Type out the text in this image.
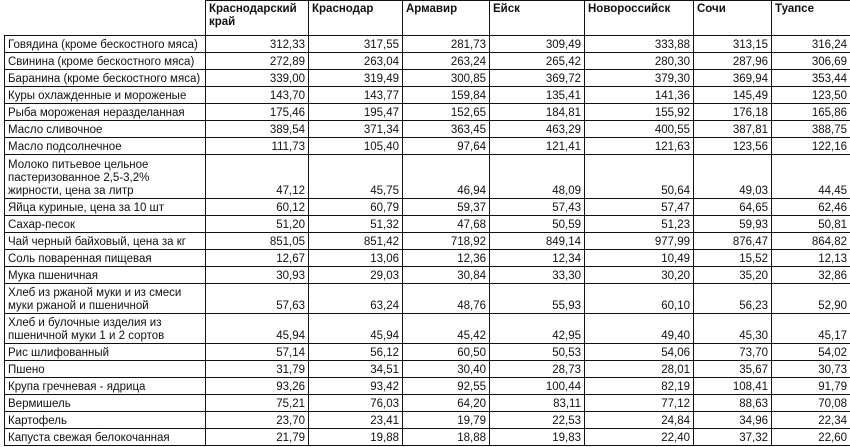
	Краснодарский край	Краснодар	Армавир	Ейск	Новороссийск	Сочи	Туапсе
Говядина (кроме бескостного мяса)	312,33	317,55	281,73	309,49	333,88	313,15	316,24
Свинина (кроме бескостного мяса)	272,89	263,04	263,24	265,42	280,30	287,96	306,69
Баранина (кроме бескостного мяса)	339,00	319,49	300,85	369,72	379,30	369,94	353,44
Куры охлажденные и мороженые	143,70	143,77	159,84	135,41	141,36	145,49	123,50
Рыба мороженая неразделанная	175,46	195,47	152,65	184,81	155,92	176,18	165,86
Масло сливочное	389,54	371,34	363,45	463,29	400,55	387,81	388,75
Масло подсолнечное	111,73	105,40	97,64	121,41	121,63	123,56	122,16
Молоко питьевое цельное пастеризованное 2,5-3,2% жирности, цена за литр	47,12	45,75	46,94	48,09	50,64	49,03	44,45
Яйца куриные, цена за 10 шт	60,12	60,79	59,37	57,43	57,47	64,65	62,46
Сахар-песок	51,20	51,32	47,68	50,59	51,23	59,93	50,81
Чай черный байховый, цена за кг	851,05	851,42	718,92	849,14	977,99	876,47	864,82
Соль поваренная пищевая	12,67	13,06	12,36	12,34	10,49	15,52	12,13
Мука пшеничная	30,93	29,03	30,84	33,30	30,20	35,20	32,86
Хлеб из ржаной муки и из смеси муки ржаной и пшеничной	57,63	63,24	48,76	55,93	60,10	56,23	52,90
Хлеб и булочные изделия из пшеничной муки 1 и 2 сортов	45,94	45,94	45,42	42,95	49,40	45,30	45,17
Рис шлифованный	57,14	56,12	60,50	50,53	54,06	73,70	54,02
Пшено	31,79	34,51	30,40	28,73	28,01	35,67	30,73
Крупа гречневая - ядрица	93,26	93,42	92,55	100,44	82,19	108,41	91,79
Вермишель	75,21	76,03	64,20	83,11	77,12	88,63	70,08
Картофель	23,70	23,41	19,79	22,53	24,84	34,96	22,34
Капуста свежая белокочанная	21,79	19,88	18,88	19,83	22,40	37,32	22,60
